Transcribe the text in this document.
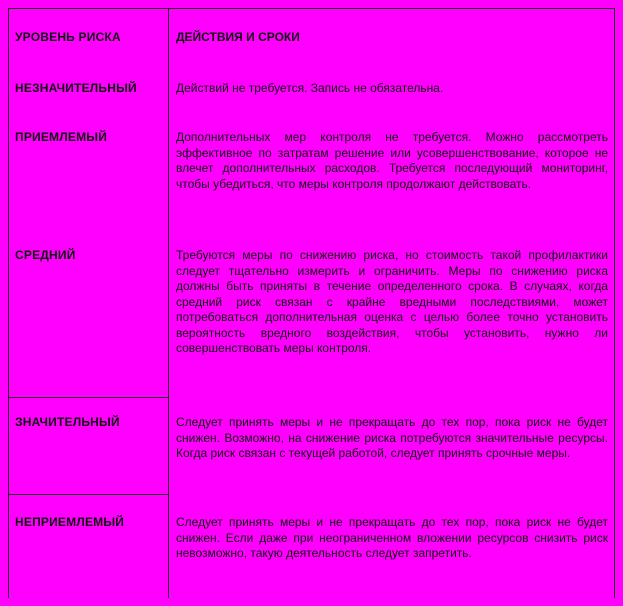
УРОВЕНЬ РИСКА	ДЕЙСТВИЯ И СРОКИ
НЕЗНАЧИТЕЛЬНЫЙ	Действий не требуется. Запись не обязательна.
ПРИЕМЛЕМЫЙ	Дополнительных мер контроля не требуется. Можно рассмотреть эффективное по затратам решение или усовершенствование, которое не влечет дополнительных расходов. Требуется последующий мониторинг, чтобы убедиться, что меры контроля продолжают действовать.
СРЕДНИЙ	Требуются меры по снижению риска, но стоимость такой профилактики следует тщательно измерить и ограничить. Меры по снижению риска должны быть приняты в течение определенного срока. В случаях, когда средний риск связан с крайне вредными последствиями, может потребоваться дополнительная оценка с целью более точно установить вероятность вредного воздействия, чтобы установить, нужно ли совершенствовать меры контроля.
ЗНАЧИТЕЛЬНЫЙ	Следует принять меры и не прекращать до тех пор, пока риск не будет снижен. Возможно, на снижение риска потребуются значительные ресурсы. Когда риск связан с текущей работой, следует принять срочные меры.
НЕПРИЕМЛЕМЫЙ	Следует принять меры и не прекращать до тех пор, пока риск не будет снижен. Если даже при неограниченном вложении ресурсов снизить риск невозможно, такую деятельность следует запретить.
